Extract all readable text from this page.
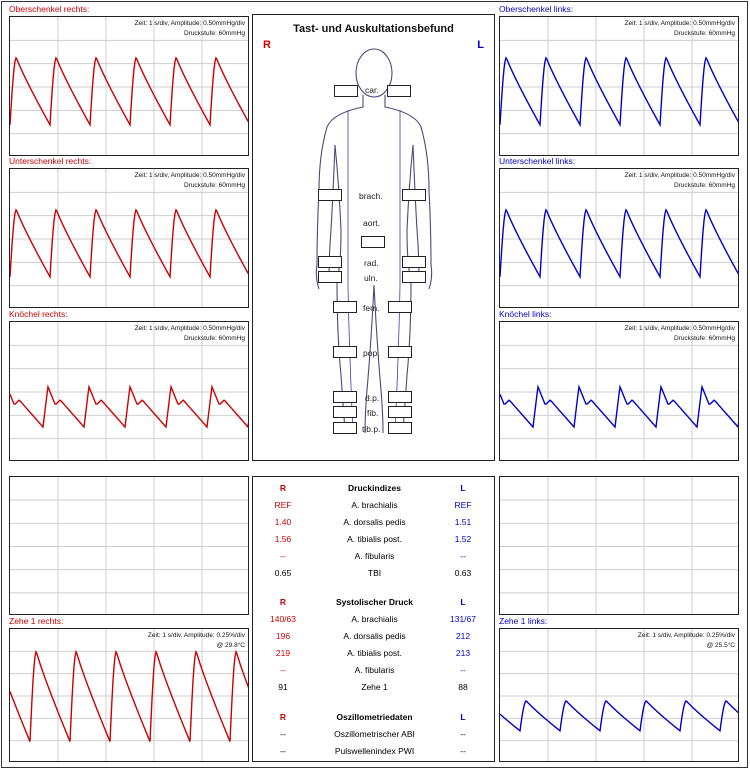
Oberschenkel rechts:
Zeit: 1 s/div, Amplitude: 0.50mmHg/div
Druckstufe: 60mmHg
Unterschenkel rechts:
Zeit: 1 s/div, Amplitude: 0.50mmHg/div
Druckstufe: 60mmHg
Knöchel rechts:
Zeit: 1 s/div, Amplitude: 0.50mmHg/div
Druckstufe: 60mmHg
Oberschenkel links:
Zeit: 1 s/div, Amplitude: 0.50mmHg/div
Druckstufe: 60mmHg
Unterschenkel links:
Zeit: 1 s/div, Amplitude: 0.50mmHg/div
Druckstufe: 60mmHg
Knöchel links:
Zeit: 1 s/div, Amplitude: 0.50mmHg/div
Druckstufe: 60mmHg
Zehe 1 rechts:
Zeit: 1 s/div, Amplitude: 0.25%/div
@ 29.8°C
Zehe 1 links:
Zeit: 1 s/div, Amplitude: 0.25%/div
@ 25.5°C
Tast- und Auskultationsbefund
R	L
car.
brach.
aort.
rad.
uln.
fem.
pop.
d.p.
fib.
tib.p.
R	Druckindizes	L
REF	A. brachialis	REF
1.40	A. dorsalis pedis	1.51
1.56	A. tibialis post.	1.52
--	A. fibularis	--
0.65	TBI	0.63
R	Systolischer Druck	L
140/63	A. brachialis	131/67
196	A. dorsalis pedis	212
219	A. tibialis post.	213
--	A. fibularis	--
91	Zehe 1	88
R	Oszillometriedaten	L
--	Oszillometrischer ABI	--
--	Pulswellenindex PWI	--
